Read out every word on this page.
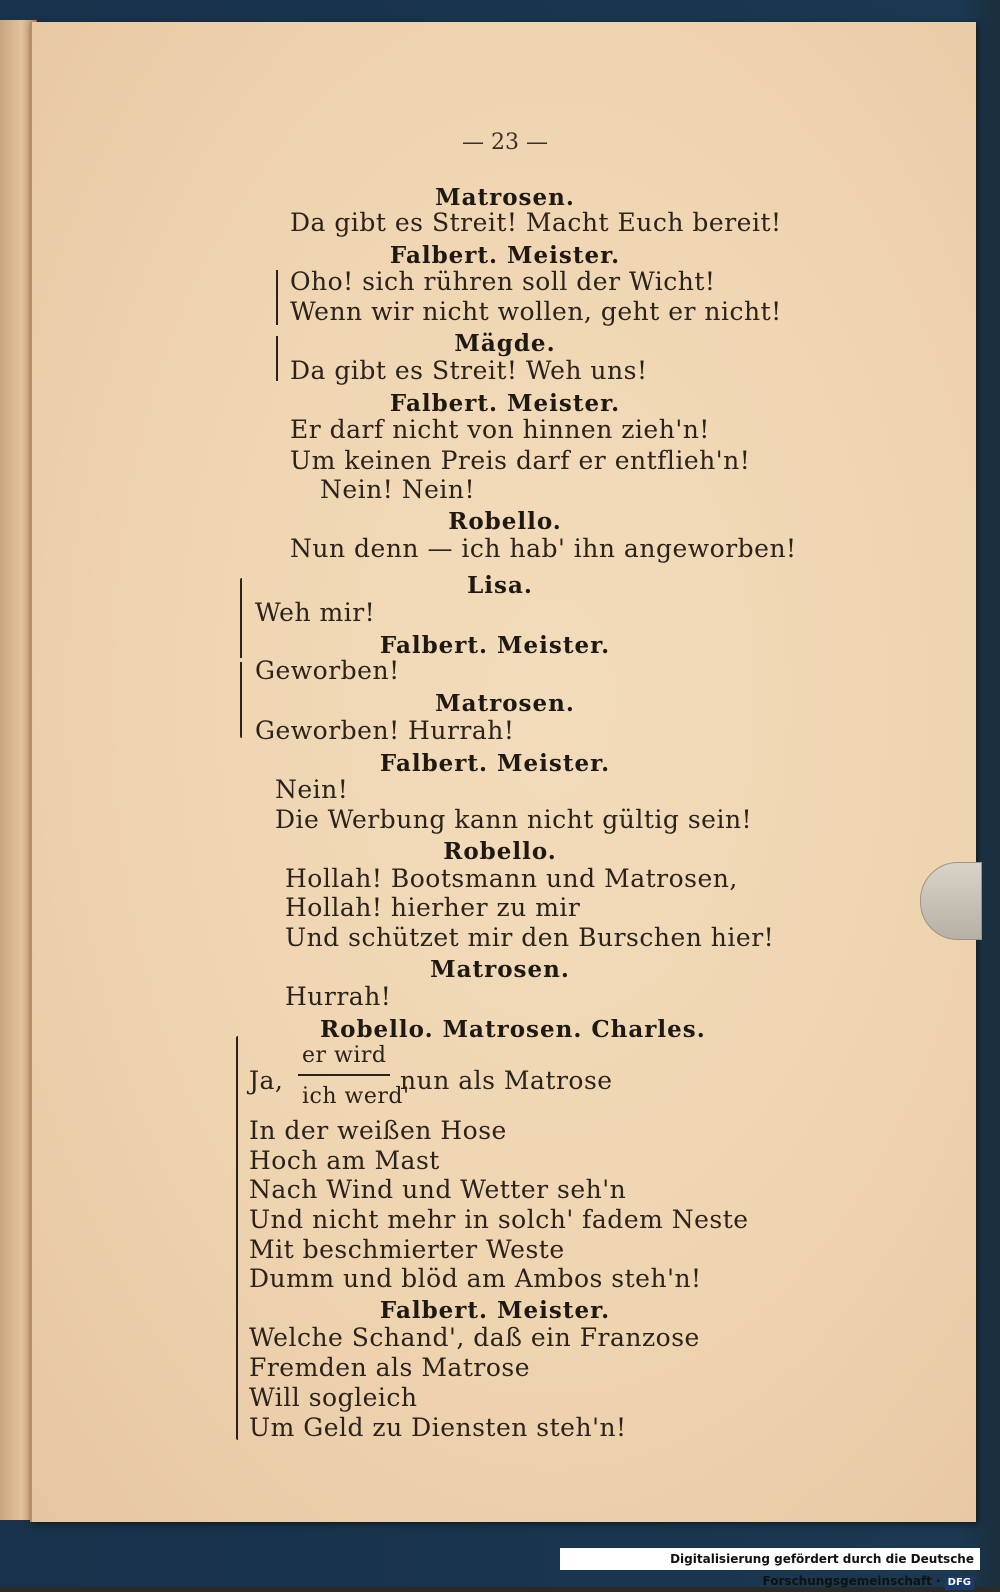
— 23 —
Matrosen.
Da gibt es Streit! Macht Euch bereit!
Falbert. Meister.
Oho! sich rühren soll der Wicht!
Wenn wir nicht wollen, geht er nicht!
Mägde.
Da gibt es Streit! Weh uns!
Falbert. Meister.
Er darf nicht von hinnen zieh'n!
Um keinen Preis darf er entflieh'n!
Nein! Nein!
Robello.
Nun denn — ich hab' ihn angeworben!
Lisa.
Weh mir!
Falbert. Meister.
Geworben!
Matrosen.
Geworben! Hurrah!
Falbert. Meister.
Nein!
Die Werbung kann nicht gültig sein!
Robello.
Hollah! Bootsmann und Matrosen,
Hollah! hierher zu mir
Und schützet mir den Burschen hier!
Matrosen.
Hurrah!
Robello. Matrosen. Charles.
er wird
Ja,	nun als Matrose
ich werd'
In der weißen Hose
Hoch am Mast
Nach Wind und Wetter seh'n
Und nicht mehr in solch' fadem Neste
Mit beschmierter Weste
Dumm und blöd am Ambos steh'n!
Falbert. Meister.
Welche Schand', daß ein Franzose
Fremden als Matrose
Will sogleich
Um Geld zu Diensten steh'n!
Digitalisierung gefördert durch die Deutsche Forschungsgemeinschaft · DFG
